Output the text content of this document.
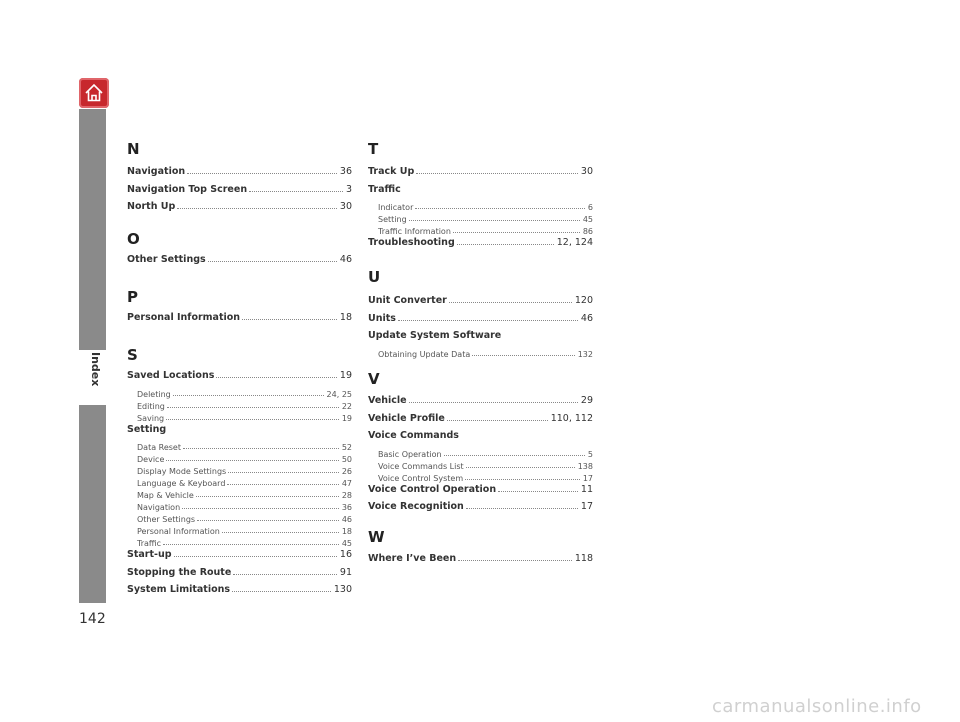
Index
142
N
Navigation	36
Navigation Top Screen	3
North Up	30
O
Other Settings	46
P
Personal Information	18
S
Saved Locations	19
Deleting	24, 25
Editing	22
Saving	19
Setting
Data Reset	52
Device	50
Display Mode Settings	26
Language & Keyboard	47
Map & Vehicle	28
Navigation	36
Other Settings	46
Personal Information	18
Traffic	45
Start-up	16
Stopping the Route	91
System Limitations	130
T
Track Up	30
Traffic
Indicator	6
Setting	45
Traffic Information	86
Troubleshooting	12, 124
U
Unit Converter	120
Units	46
Update System Software
Obtaining Update Data	132
V
Vehicle	29
Vehicle Profile	110, 112
Voice Commands
Basic Operation	5
Voice Commands List	138
Voice Control System	17
Voice Control Operation	11
Voice Recognition	17
W
Where I’ve Been	118
carmanualsonline.info
